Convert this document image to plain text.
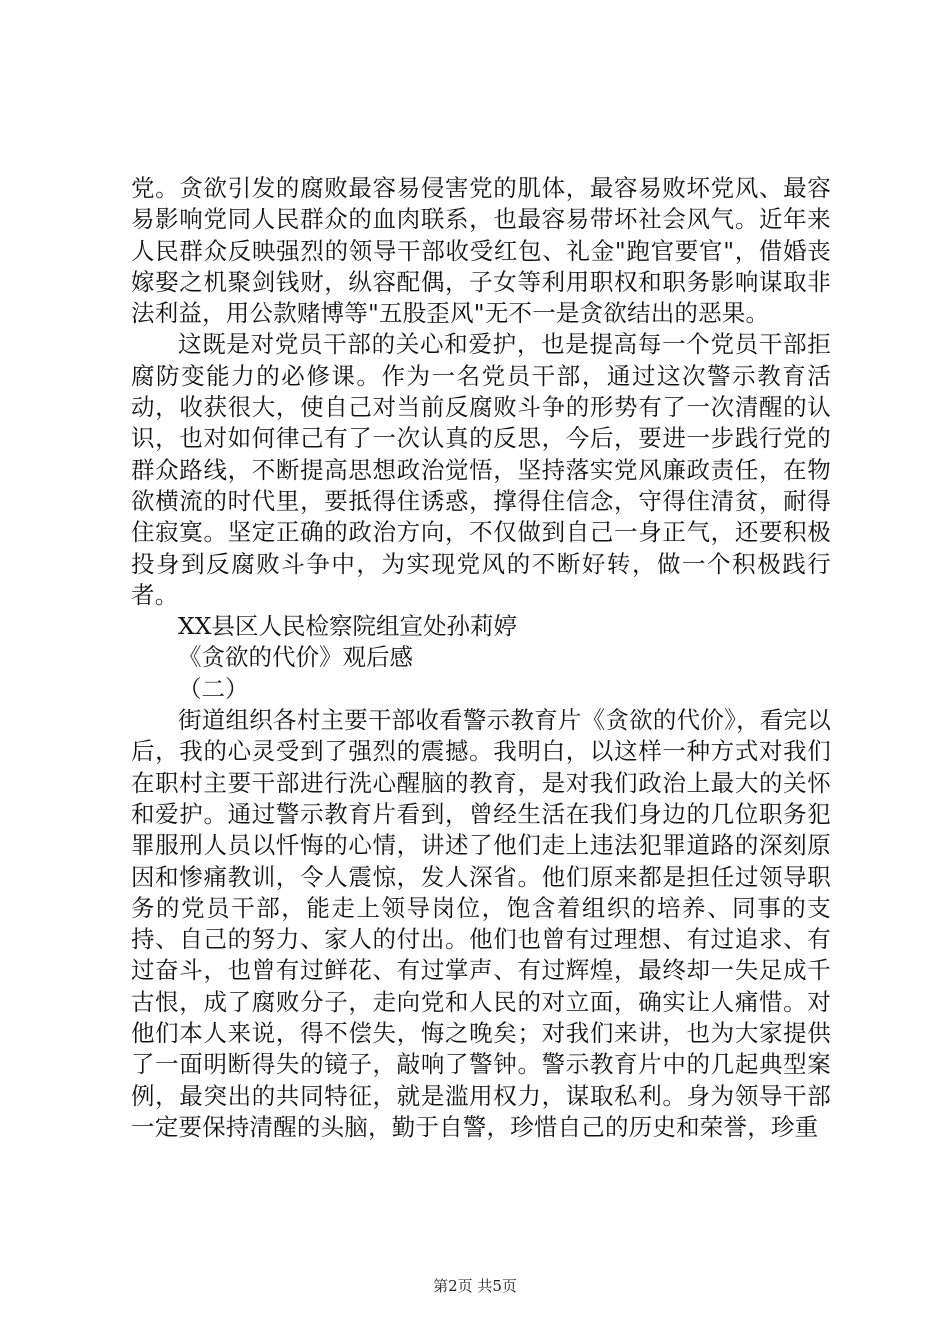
党。贪欲引发的腐败最容易侵害党的肌体，最容易败坏党风、最容易影响党同人民群众的血肉联系，也最容易带坏社会风气。近年来人民群众反映强烈的领导干部收受红包、礼金"跑官要官"，借婚丧嫁娶之机聚剑钱财，纵容配偶，子女等利用职权和职务影响谋取非法利益，用公款赌博等"五股歪风"无不一是贪欲结出的恶果。

这既是对党员干部的关心和爱护，也是提高每一个党员干部拒腐防变能力的必修课。作为一名党员干部，通过这次警示教育活动，收获很大，使自己对当前反腐败斗争的形势有了一次清醒的认识，也对如何律己有了一次认真的反思，今后，要进一步践行党的群众路线，不断提高思想政治觉悟，坚持落实党风廉政责任，在物欲横流的时代里，要抵得住诱惑，撑得住信念，守得住清贫，耐得住寂寞。坚定正确的政治方向，不仅做到自己一身正气，还要积极投身到反腐败斗争中，为实现党风的不断好转，做一个积极践行者。

XX县区人民检察院组宣处孙莉婷

《贪欲的代价》观后感

（二）

街道组织各村主要干部收看警示教育片《贪欲的代价》，看完以后，我的心灵受到了强烈的震撼。我明白，以这样一种方式对我们在职村主要干部进行洗心醒脑的教育，是对我们政治上最大的关怀和爱护。通过警示教育片看到，曾经生活在我们身边的几位职务犯罪服刑人员以忏悔的心情，讲述了他们走上违法犯罪道路的深刻原因和惨痛教训，令人震惊，发人深省。他们原来都是担任过领导职务的党员干部，能走上领导岗位，饱含着组织的培养、同事的支持、自己的努力、家人的付出。他们也曾有过理想、有过追求、有过奋斗，也曾有过鲜花、有过掌声、有过辉煌，最终却一失足成千古恨，成了腐败分子，走向党和人民的对立面，确实让人痛惜。对他们本人来说，得不偿失，悔之晚矣；对我们来讲，也为大家提供了一面明断得失的镜子，敲响了警钟。警示教育片中的几起典型案例，最突出的共同特征，就是滥用权力，谋取私利。身为领导干部一定要保持清醒的头脑，勤于自警，珍惜自己的历史和荣誉，珍重

第2页 共5页
